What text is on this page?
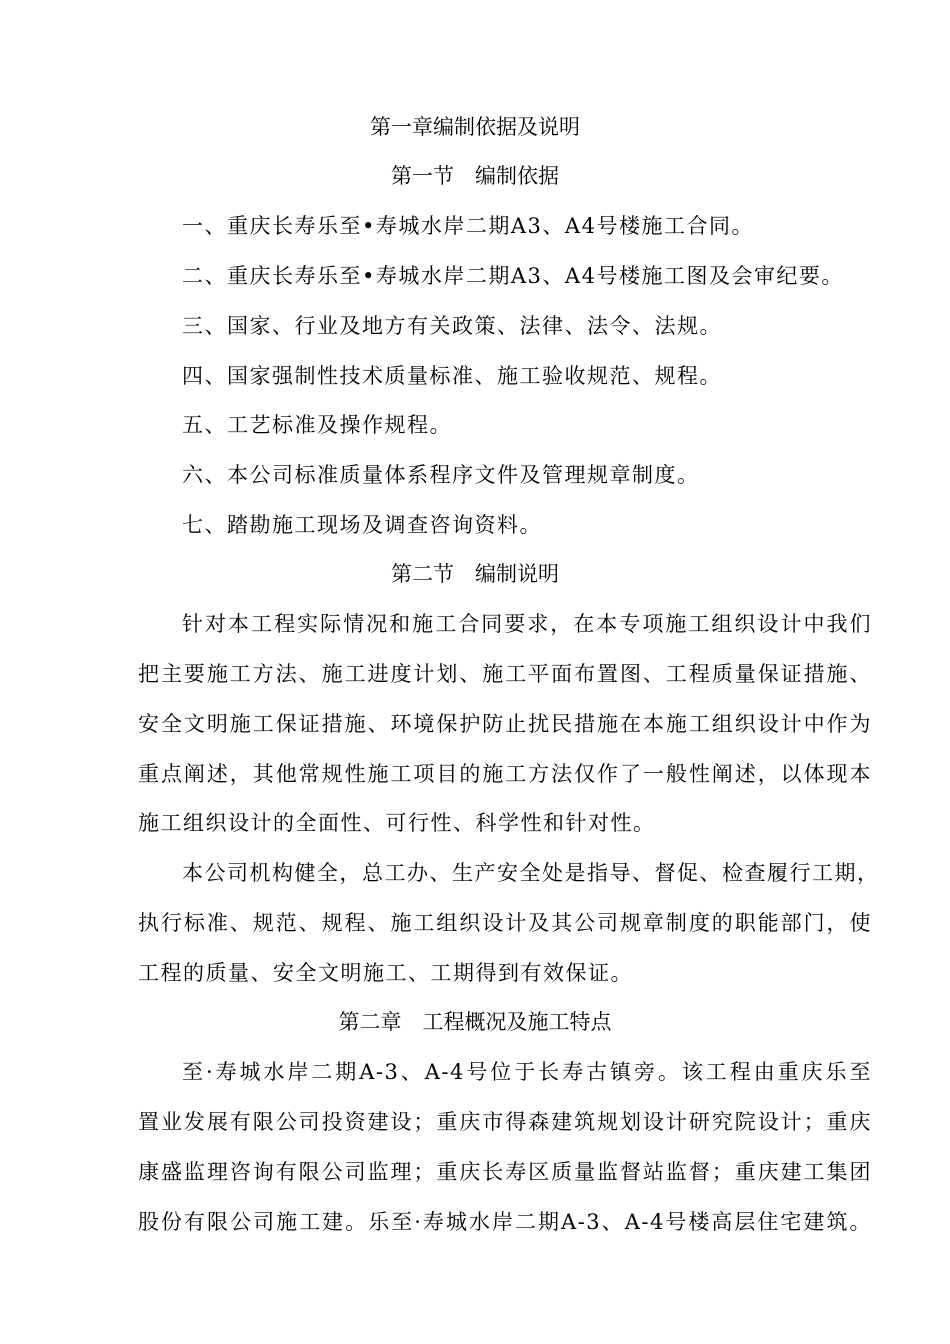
第一章编制依据及说明
第一节　编制依据
一、重庆长寿乐至•寿城水岸二期A3、A4号楼施工合同。
二、重庆长寿乐至•寿城水岸二期A3、A4号楼施工图及会审纪要。
三、国家、行业及地方有关政策、法律、法令、法规。
四、国家强制性技术质量标准、施工验收规范、规程。
五、工艺标准及操作规程。
六、本公司标准质量体系程序文件及管理规章制度。
七、踏勘施工现场及调查咨询资料。
第二节　编制说明
针对本工程实际情况和施工合同要求，在本专项施工组织设计中我们
把主要施工方法、施工进度计划、施工平面布置图、工程质量保证措施、
安全文明施工保证措施、环境保护防止扰民措施在本施工组织设计中作为
重点阐述，其他常规性施工项目的施工方法仅作了一般性阐述，以体现本
施工组织设计的全面性、可行性、科学性和针对性。
本公司机构健全，总工办、生产安全处是指导、督促、检查履行工期，
执行标准、规范、规程、施工组织设计及其公司规章制度的职能部门，使
工程的质量、安全文明施工、工期得到有效保证。
第二章　工程概况及施工特点
至·寿城水岸二期A-3、A-4号位于长寿古镇旁。该工程由重庆乐至
置业发展有限公司投资建设；重庆市得森建筑规划设计研究院设计；重庆
康盛监理咨询有限公司监理；重庆长寿区质量监督站监督；重庆建工集团
股份有限公司施工建。乐至·寿城水岸二期A-3、A-4号楼高层住宅建筑。
